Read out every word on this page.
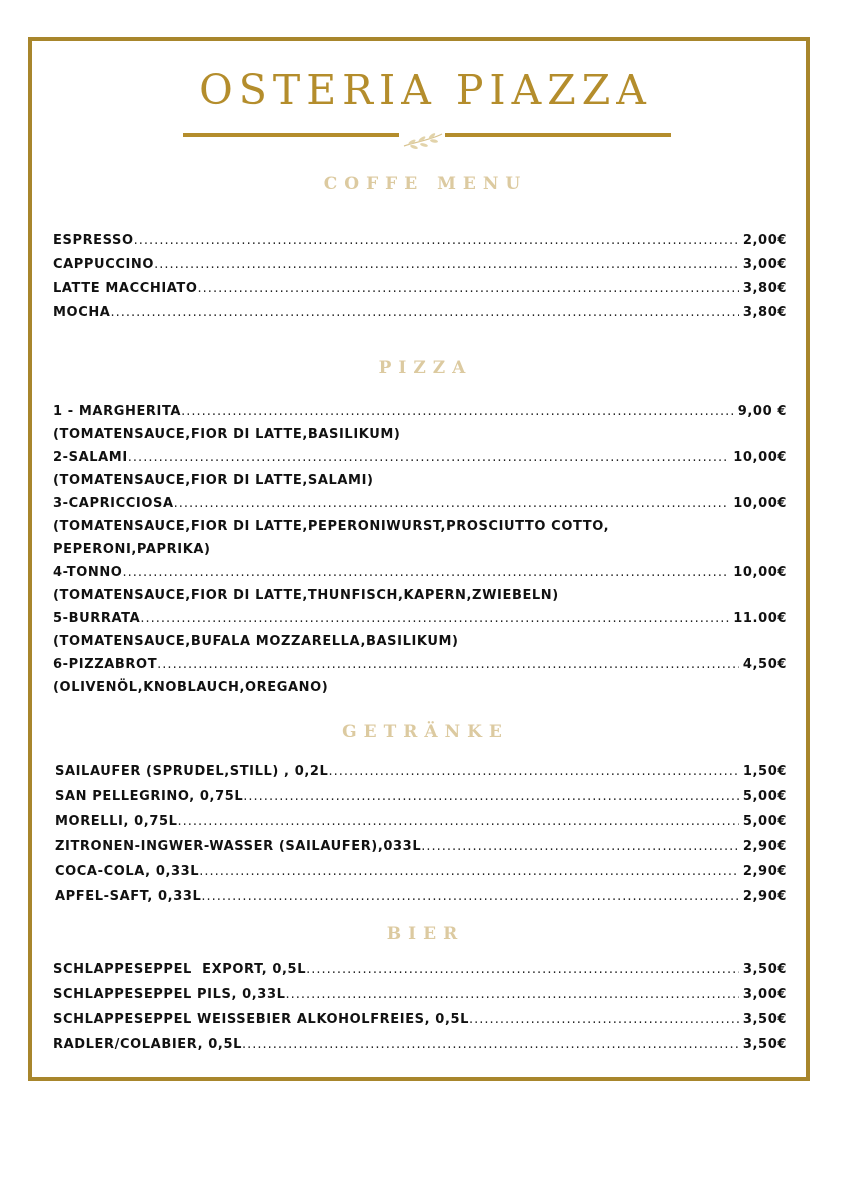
OSTERIA PIAZZA
COFFE MENU
ESPRESSO .....	2,00€
CAPPUCCINO .....	3,00€
LATTE MACCHIATO .....	3,80€
MOCHA .....	3,80€
PIZZA
1 - MARGHERITA .....	9,00 €
(TOMATENSAUCE,FIOR DI LATTE,BASILIKUM)
2-SALAMI .....	10,00€
(TOMATENSAUCE,FIOR DI LATTE,SALAMI)
3-CAPRICCIOSA .....	10,00€
(TOMATENSAUCE,FIOR DI LATTE,PEPERONIWURST,PROSCIUTTO COTTO,
PEPERONI,PAPRIKA)
4-TONNO .....	10,00€
(TOMATENSAUCE,FIOR DI LATTE,THUNFISCH,KAPERN,ZWIEBELN)
5-BURRATA .....	11.00€
(TOMATENSAUCE,BUFALA MOZZARELLA,BASILIKUM)
6-PIZZABROT .....	4,50€
(OLIVENÖL,KNOBLAUCH,OREGANO)
GETRÄNKE
SAILAUFER (SPRUDEL,STILL) , 0,2L .....	1,50€
SAN PELLEGRINO, 0,75L .....	5,00€
MORELLI, 0,75L .....	5,00€
ZITRONEN-INGWER-WASSER (SAILAUFER),033L .....	2,90€
COCA-COLA, 0,33L .....	2,90€
APFEL-SAFT, 0,33L .....	2,90€
BIER
SCHLAPPESEPPEL  EXPORT, 0,5L .....	3,50€
SCHLAPPESEPPEL PILS, 0,33L .....	3,00€
SCHLAPPESEPPEL WEISSEBIER ALKOHOLFREIES, 0,5L .....	3,50€
RADLER/COLABIER, 0,5L .....	3,50€
